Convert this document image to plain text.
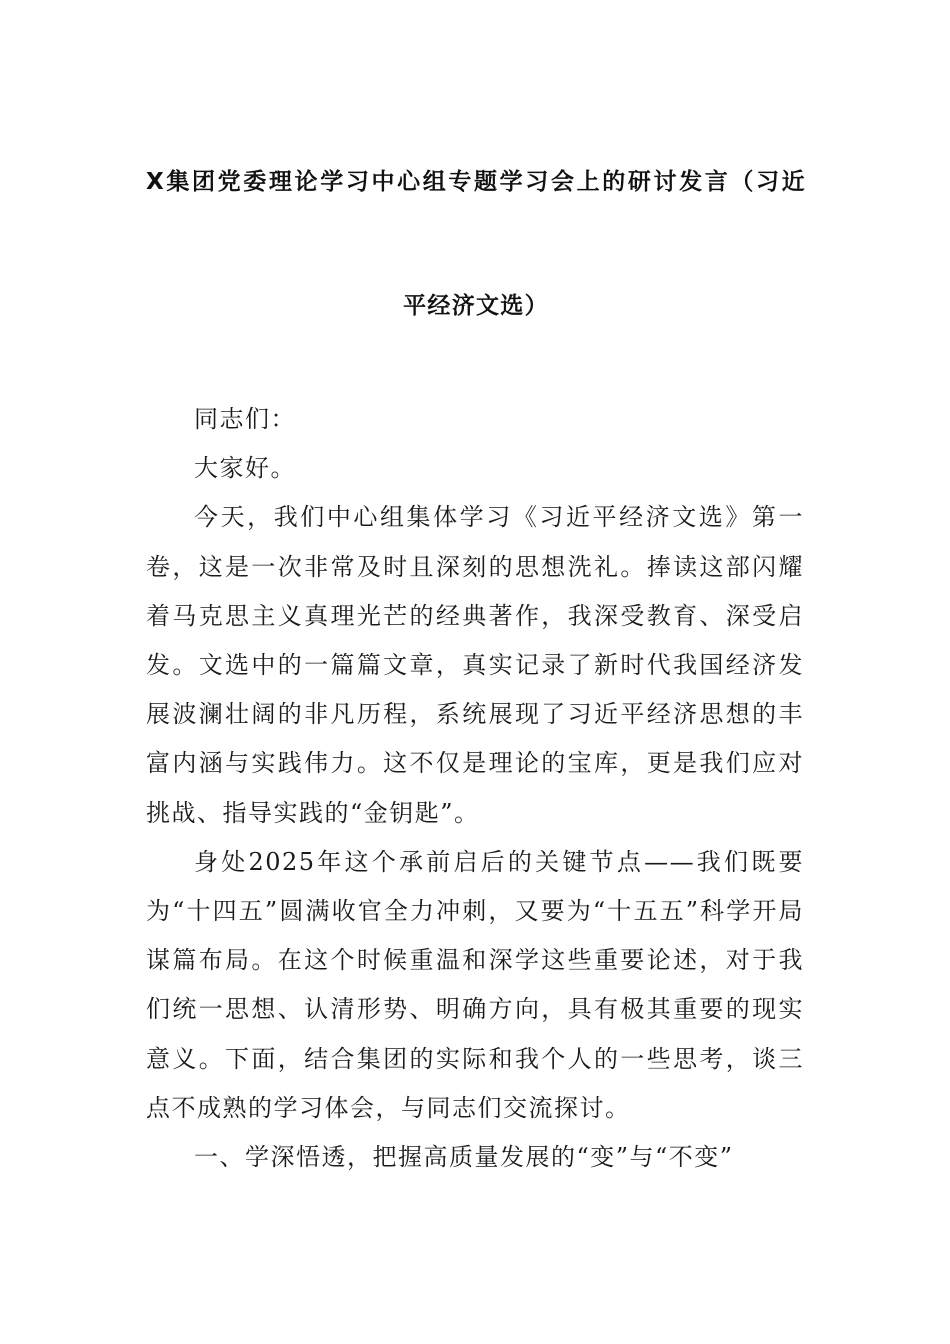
X集团党委理论学习中心组专题学习会上的研讨发言（习近
平经济文选）

同志们：

大家好。

今天，我们中心组集体学习《习近平经济文选》第一卷，这是一次非常及时且深刻的思想洗礼。捧读这部闪耀着马克思主义真理光芒的经典著作，我深受教育、深受启发。文选中的一篇篇文章，真实记录了新时代我国经济发展波澜壮阔的非凡历程，系统展现了习近平经济思想的丰富内涵与实践伟力。这不仅是理论的宝库，更是我们应对挑战、指导实践的“金钥匙”。

身处2025年这个承前启后的关键节点——我们既要为“十四五”圆满收官全力冲刺，又要为“十五五”科学开局谋篇布局。在这个时候重温和深学这些重要论述，对于我们统一思想、认清形势、明确方向，具有极其重要的现实意义。下面，结合集团的实际和我个人的一些思考，谈三点不成熟的学习体会，与同志们交流探讨。

一、学深悟透，把握高质量发展的“变”与“不变”
